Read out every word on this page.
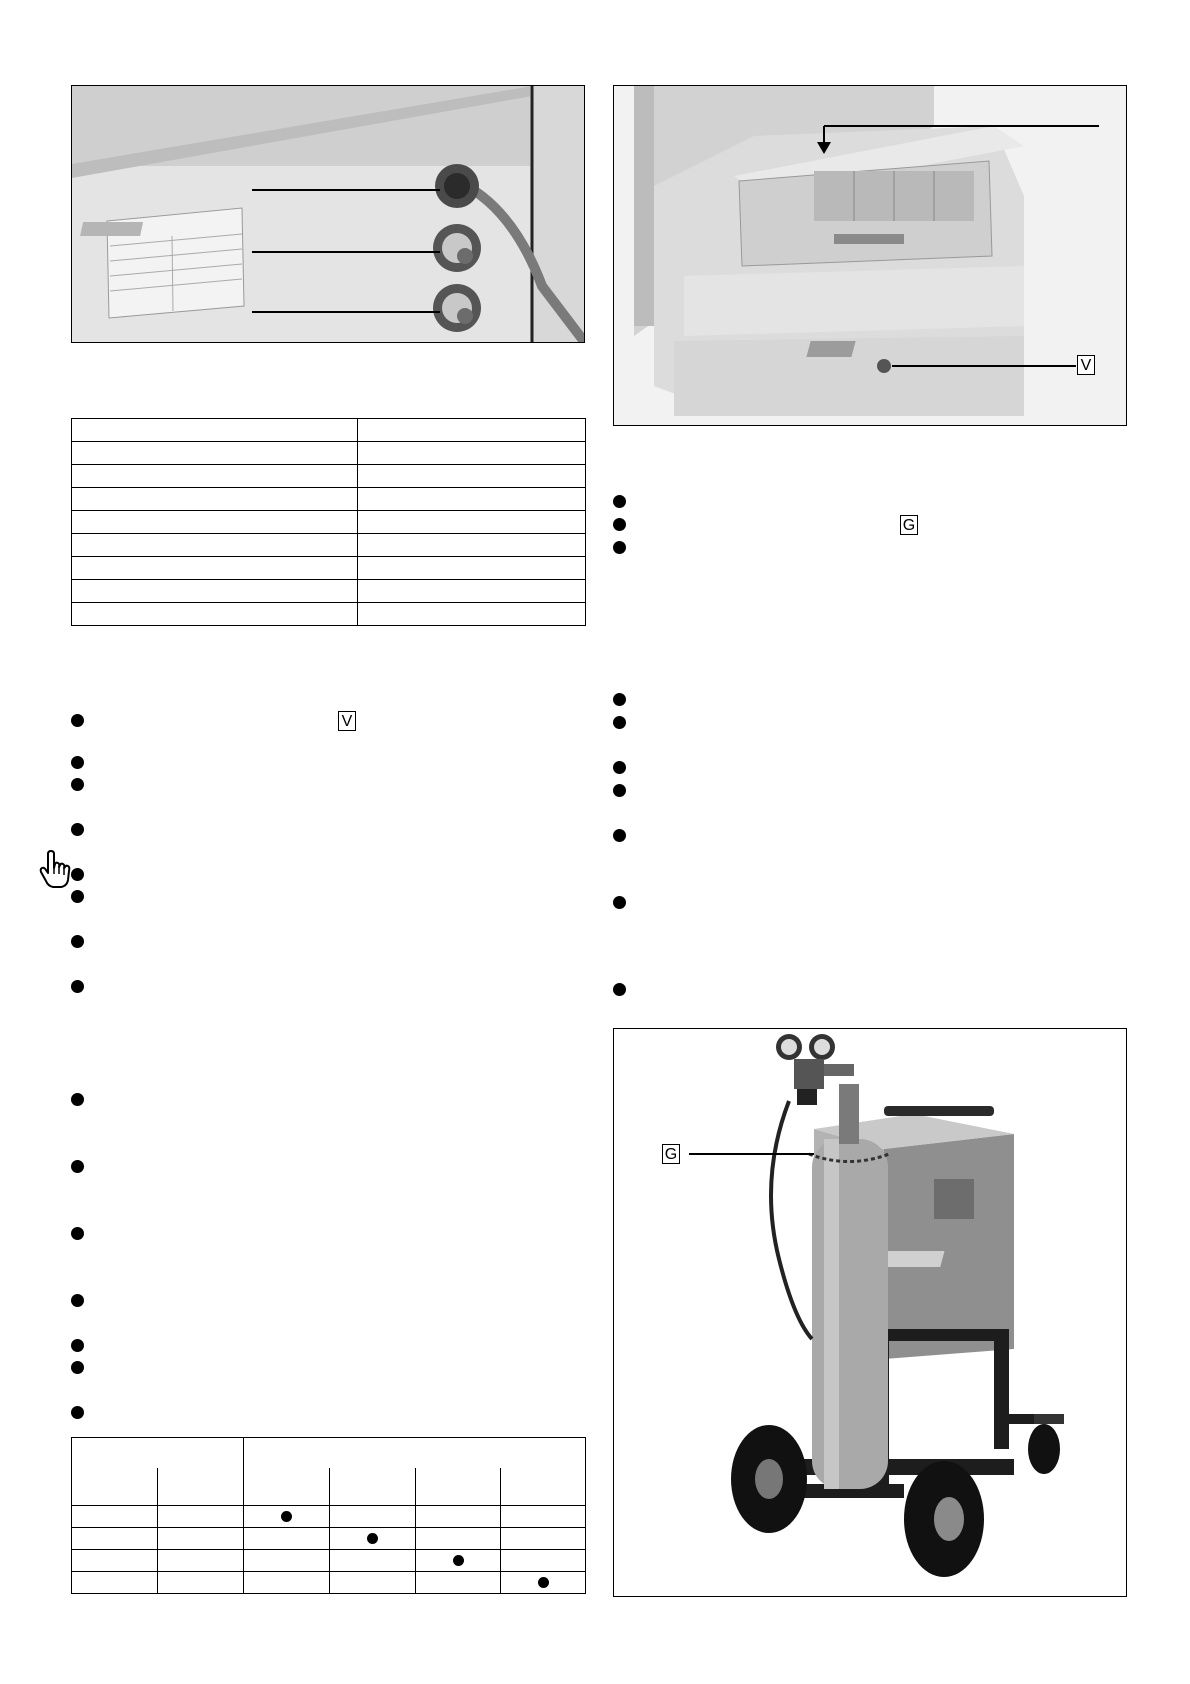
V

V
G
G
